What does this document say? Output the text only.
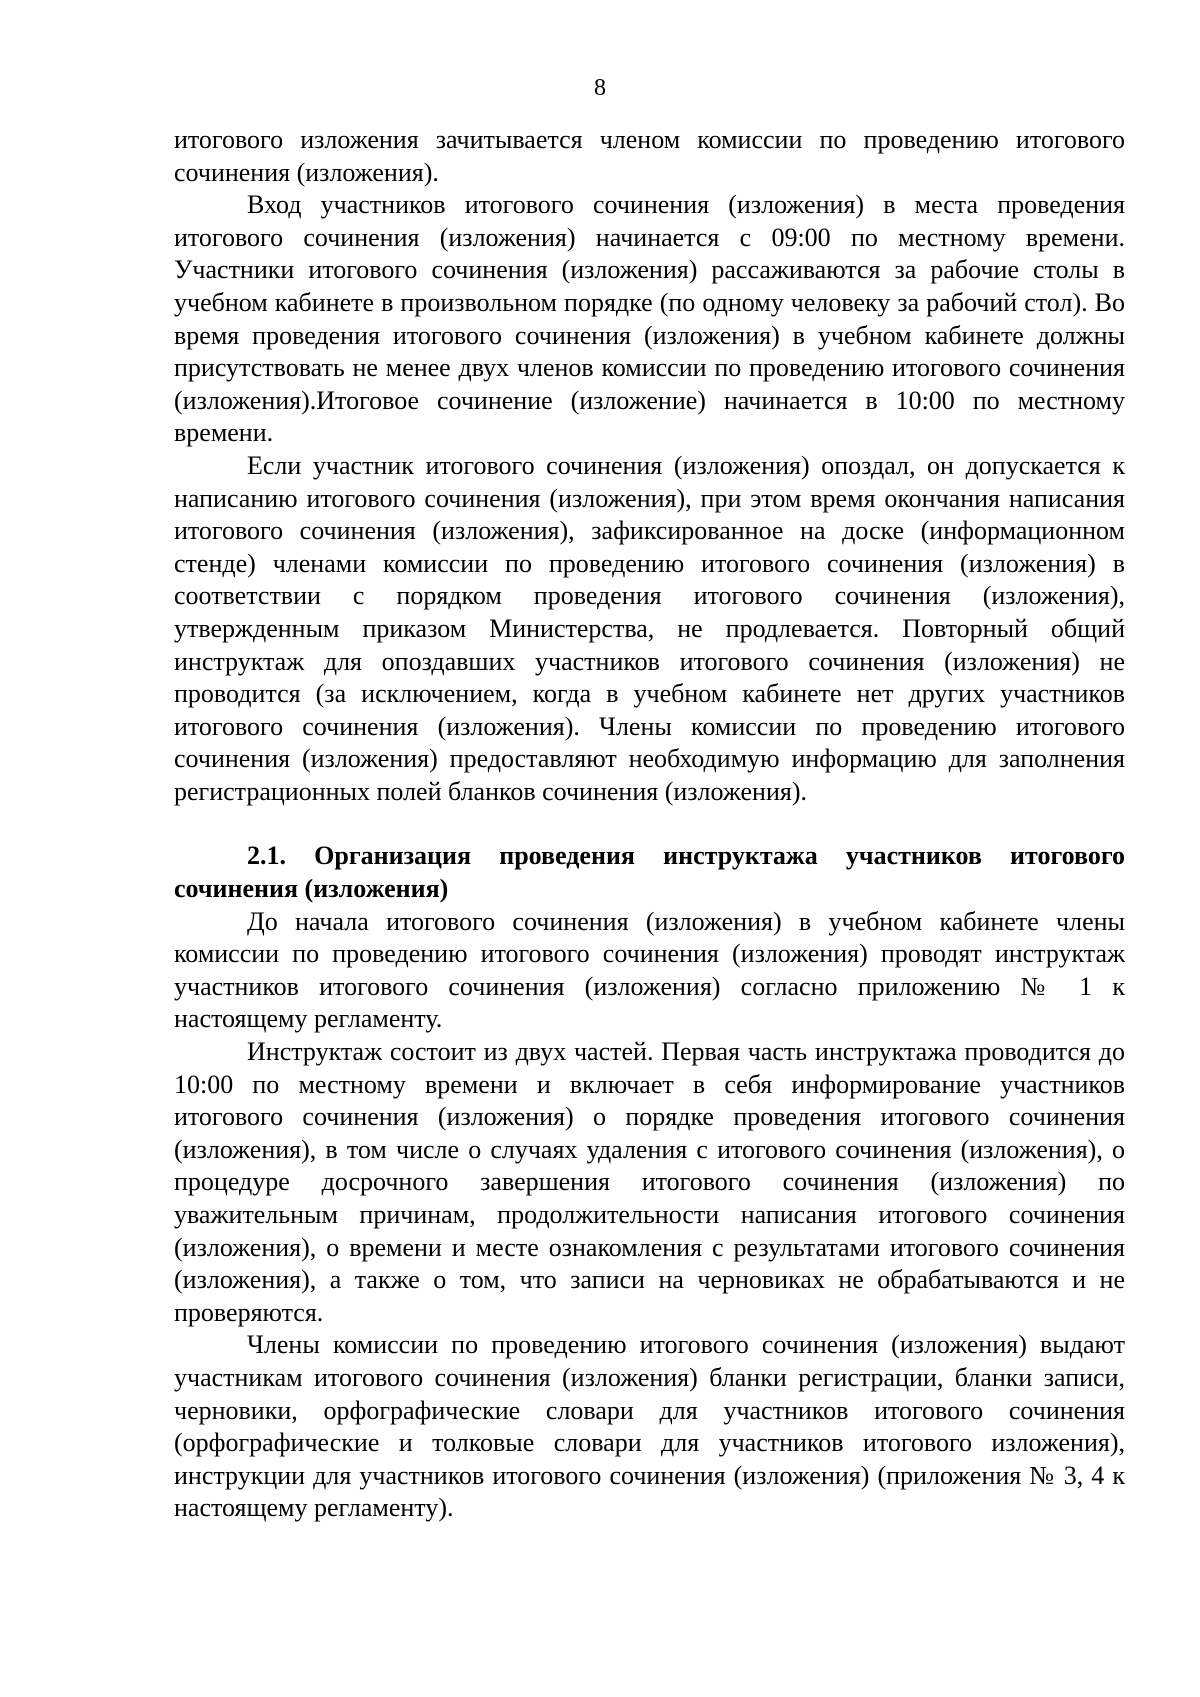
8

итогового изложения зачитывается членом комиссии по проведению итогового сочинения (изложения).

Вход участников итогового сочинения (изложения) в места проведения итогового сочинения (изложения) начинается с 09:00 по местному времени. Участники итогового сочинения (изложения) рассаживаются за рабочие столы в учебном кабинете в произвольном порядке (по одному человеку за рабочий стол). Во время проведения итогового сочинения (изложения) в учебном кабинете должны присутствовать не менее двух членов комиссии по проведению итогового сочинения (изложения).Итоговое сочинение (изложение) начинается в 10:00 по местному времени.

Если участник итогового сочинения (изложения) опоздал, он допускается к написанию итогового сочинения (изложения), при этом время окончания написания итогового сочинения (изложения), зафиксированное на доске (информационном стенде) членами комиссии по проведению итогового сочинения (изложения) в соответствии с порядком проведения итогового сочинения (изложения), утвержденным приказом Министерства, не продлевается. Повторный общий инструктаж для опоздавших участников итогового сочинения (изложения) не проводится (за исключением, когда в учебном кабинете нет других участников итогового сочинения (изложения). Члены комиссии по проведению итогового сочинения (изложения) предоставляют необходимую информацию для заполнения регистрационных полей бланков сочинения (изложения).

2.1. Организация проведения инструктажа участников итогового сочинения (изложения)

До начала итогового сочинения (изложения) в учебном кабинете члены комиссии по проведению итогового сочинения (изложения) проводят инструктаж участников итогового сочинения (изложения) согласно приложению № 1 к настоящему регламенту.

Инструктаж состоит из двух частей. Первая часть инструктажа проводится до 10:00 по местному времени и включает в себя информирование участников итогового сочинения (изложения) о порядке проведения итогового сочинения (изложения), в том числе о случаях удаления с итогового сочинения (изложения), о процедуре досрочного завершения итогового сочинения (изложения) по уважительным причинам, продолжительности написания итогового сочинения (изложения), о времени и месте ознакомления с результатами итогового сочинения (изложения), а также о том, что записи на черновиках не обрабатываются и не проверяются.

Члены комиссии по проведению итогового сочинения (изложения) выдают участникам итогового сочинения (изложения) бланки регистрации, бланки записи, черновики, орфографические словари для участников итогового сочинения (орфографические и толковые словари для участников итогового изложения), инструкции для участников итогового сочинения (изложения) (приложения № 3, 4 к настоящему регламенту).
